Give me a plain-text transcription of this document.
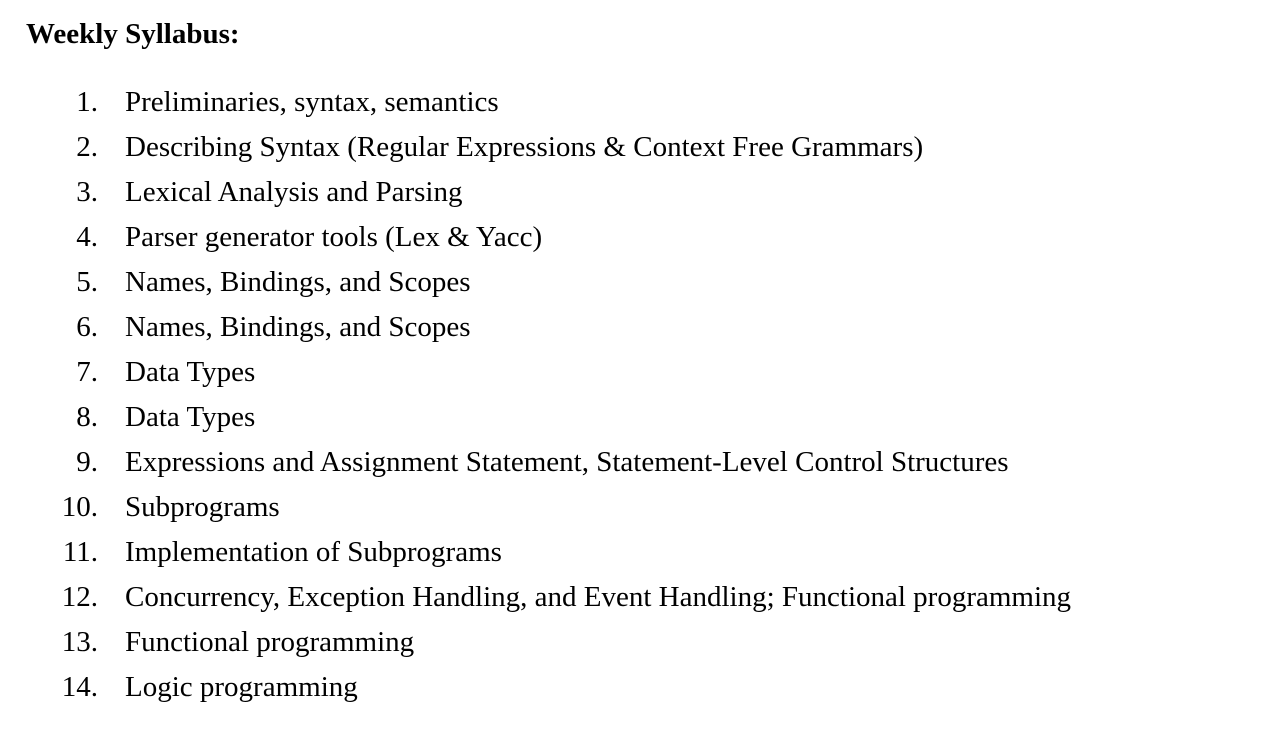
Weekly Syllabus:
1. Preliminaries, syntax, semantics
2. Describing Syntax (Regular Expressions & Context Free Grammars)
3. Lexical Analysis and Parsing
4. Parser generator tools (Lex & Yacc)
5. Names, Bindings, and Scopes
6. Names, Bindings, and Scopes
7. Data Types
8. Data Types
9. Expressions and Assignment Statement, Statement-Level Control Structures
10. Subprograms
11. Implementation of Subprograms
12. Concurrency, Exception Handling, and Event Handling; Functional programming
13. Functional programming
14. Logic programming
